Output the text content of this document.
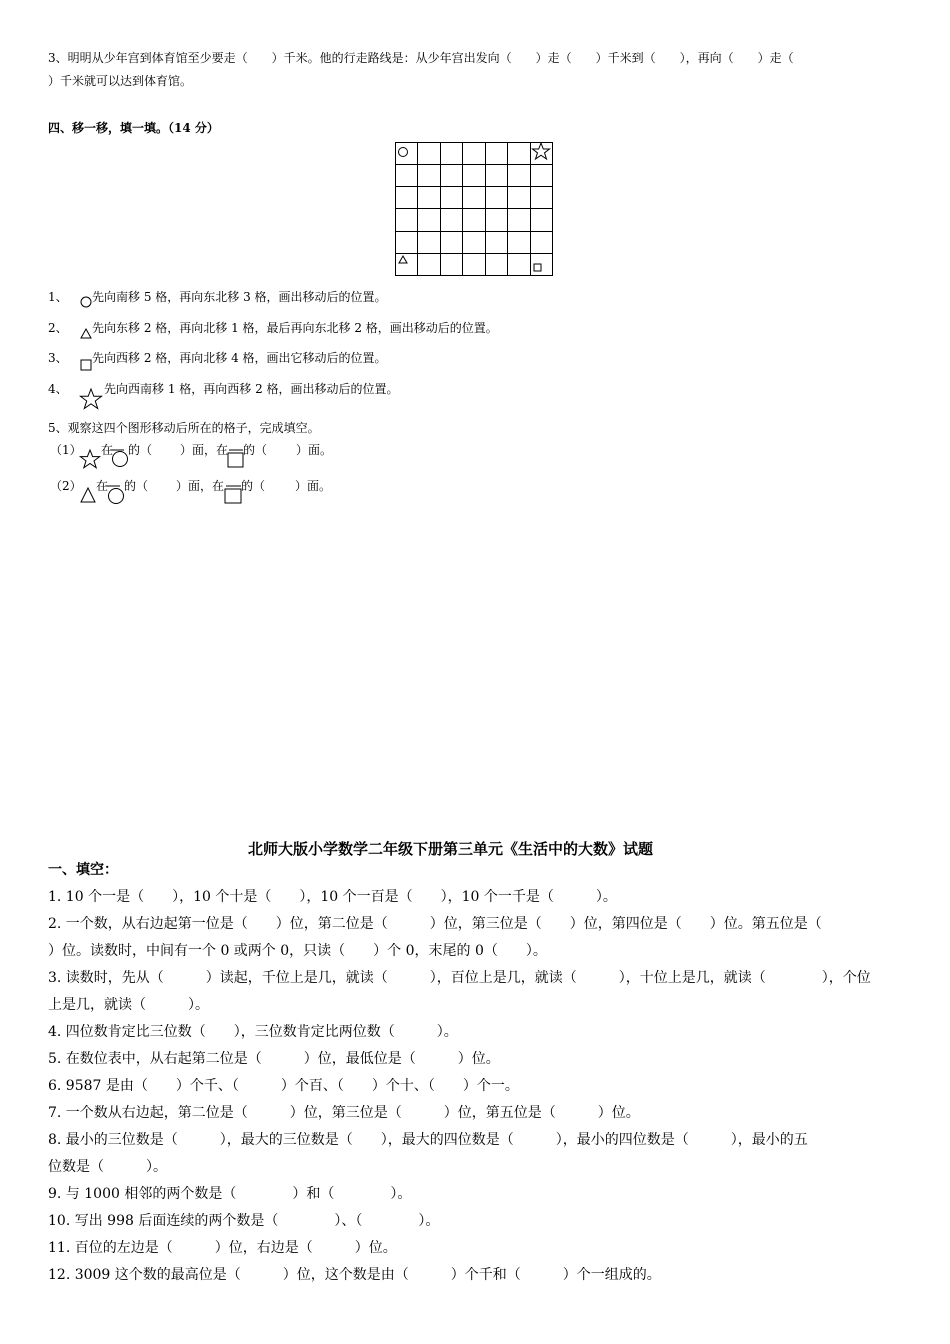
3、明明从少年宫到体育馆至少要走（　　）千米。他的行走路线是：从少年宫出发向（　　）走（　　）千米到（　　），再向（　　）走（
）千米就可以达到体育馆。
四、移一移，填一填。（14 分）
1、 先向南移 5 格，再向东北移 3 格，画出移动后的位置。
2、 先向东移 2 格，再向北移 1 格，最后再向东北移 2 格，画出移动后的位置。
3、 先向西移 2 格，再向北移 4 格，画出它移动后的位置。
4、	先向西南移 1 格，再向西移 2 格，画出移动后的位置。
5、观察这四个图形移动后所在的格子，完成填空。
（1） 在 的（ ）面，在 的（ ）面。
（2） 在 的（ ）面，在 的（ ）面。
北师大版小学数学二年级下册第三单元《生活中的大数》试题
一、填空：
1. 10 个一是（　　），10 个十是（　　），10 个一百是（　　），10 个一千是（　　　）。
2. 一个数，从右边起第一位是（　　）位，第二位是（　　　）位，第三位是（　　）位，第四位是（　　）位。第五位是（
）位。读数时，中间有一个 0 或两个 0，只读（　　）个 0，末尾的 0（　　）。
3. 读数时，先从（　　　）读起，千位上是几，就读（　　　），百位上是几，就读（　　　），十位上是几，就读（　　　　），个位
上是几，就读（　　　）。
4. 四位数肯定比三位数（　　），三位数肯定比两位数（　　　）。
5. 在数位表中，从右起第二位是（　　　）位，最低位是（　　　）位。
6. 9587 是由（　　）个千、（　　　）个百、（　　）个十、（　　）个一。
7. 一个数从右边起，第二位是（　　　）位，第三位是（　　　）位，第五位是（　　　）位。
8. 最小的三位数是（　　　），最大的三位数是（　　），最大的四位数是（　　　），最小的四位数是（　　　），最小的五
位数是（　　　）。
9. 与 1000 相邻的两个数是（　　　　）和（　　　　）。
10. 写出 998 后面连续的两个数是（　　　　）、（　　　　）。
11. 百位的左边是（　　　）位，右边是（　　　）位。
12. 3009 这个数的最高位是（　　　）位，这个数是由（　　　）个千和（　　　）个一组成的。
